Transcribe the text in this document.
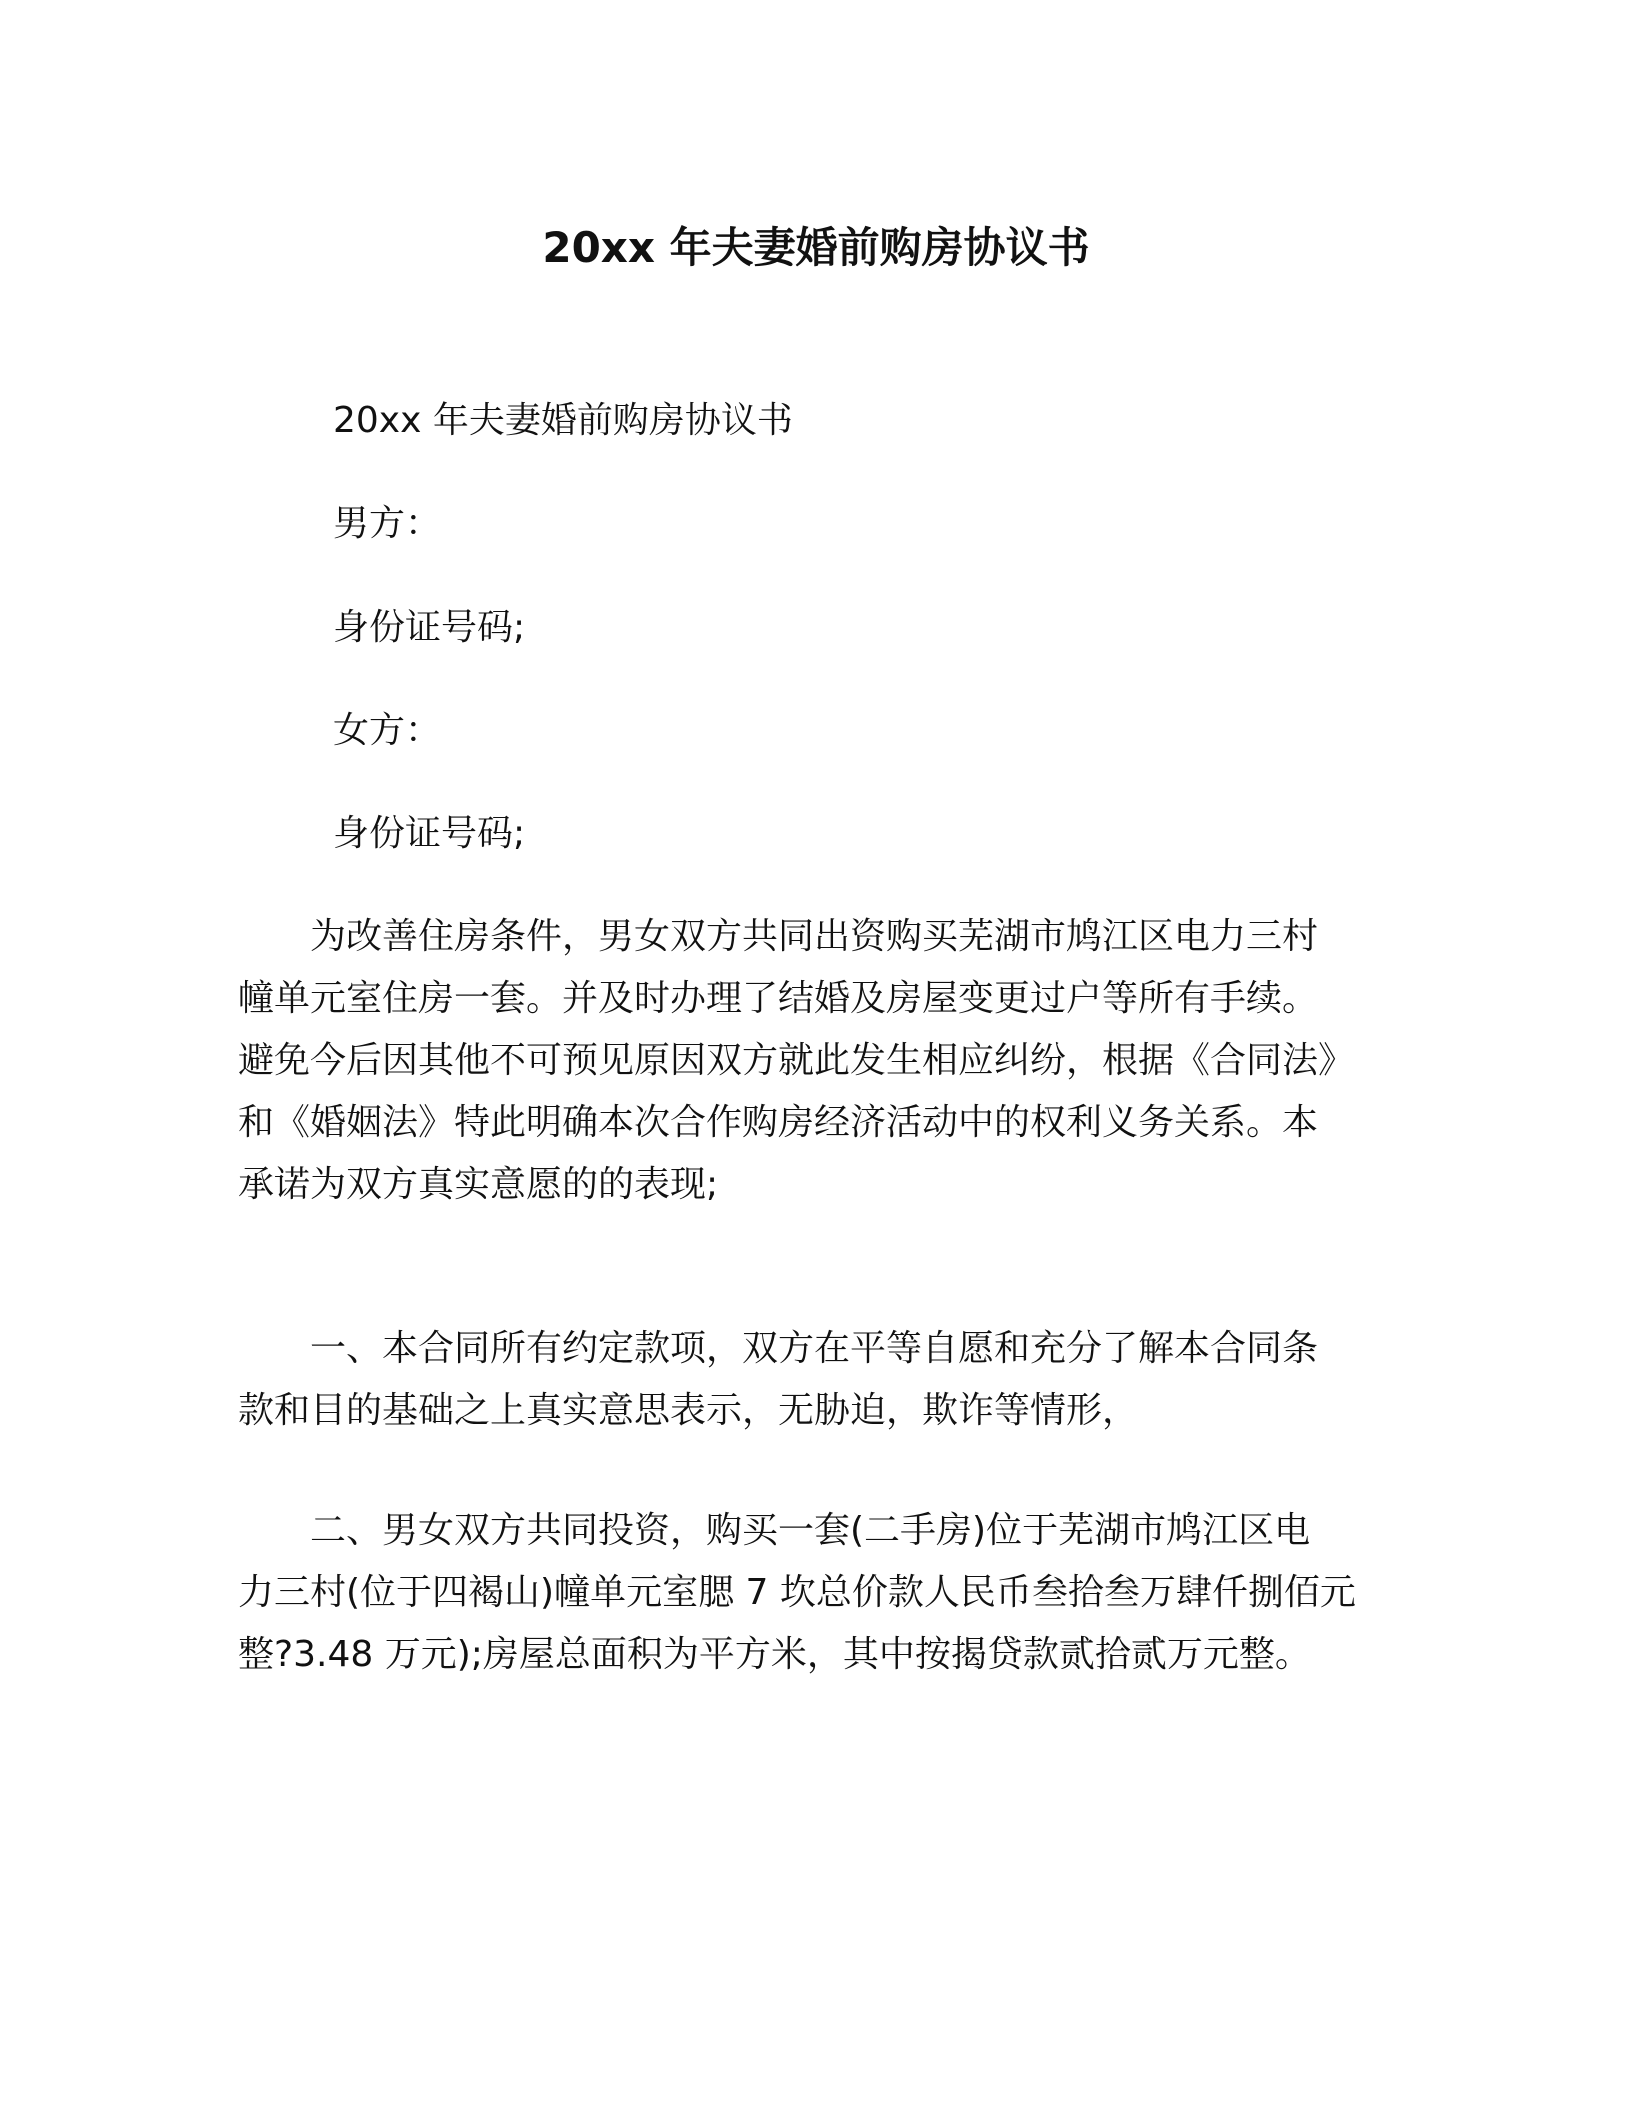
20xx 年夫妻婚前购房协议书

20xx 年夫妻婚前购房协议书

男方：

身份证号码;

女方：

身份证号码;

　　为改善住房条件，男女双方共同出资购买芜湖市鸠江区电力三村
幢单元室住房一套。并及时办理了结婚及房屋变更过户等所有手续。
避免今后因其他不可预见原因双方就此发生相应纠纷，根据《合同法》
和《婚姻法》特此明确本次合作购房经济活动中的权利义务关系。本
承诺为双方真实意愿的的表现;
　　一、本合同所有约定款项，双方在平等自愿和充分了解本合同条
款和目的基础之上真实意思表示，无胁迫，欺诈等情形，
　　二、男女双方共同投资，购买一套(二手房)位于芜湖市鸠江区电
力三村(位于四褐山)幢单元室腮 7 坎总价款人民币叁拾叁万肆仟捌佰元
整?3.48 万元);房屋总面积为平方米，其中按揭贷款贰拾贰万元整。
